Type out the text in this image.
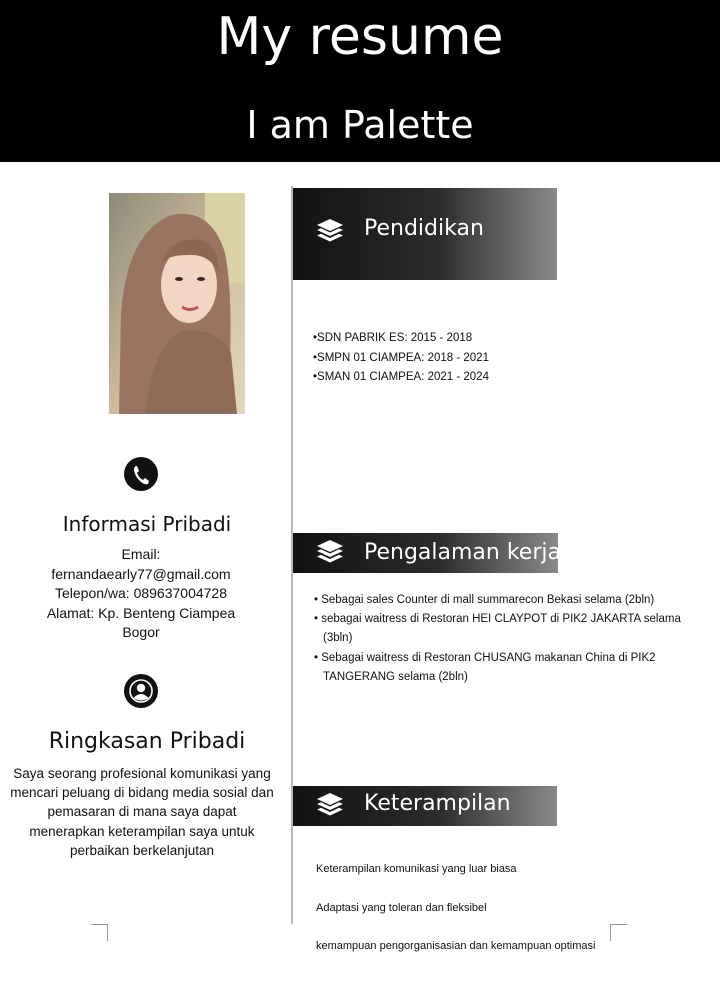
My resume
I am Palette
Informasi Pribadi
Email:
fernandaearly77@gmail.com
Telepon/wa: 089637004728
Alamat: Kp. Benteng Ciampea
Bogor
Ringkasan Pribadi
Saya seorang profesional komunikasi yang mencari peluang di bidang media sosial dan pemasaran di mana saya dapat menerapkan keterampilan saya untuk perbaikan berkelanjutan
Pendidikan
•SDN PABRIK ES: 2015 - 2018
•SMPN 01 CIAMPEA: 2018 - 2021
•SMAN 01 CIAMPEA: 2021 - 2024
Pengalaman kerja
• Sebagai sales Counter di mall summarecon Bekasi selama (2bln)
• sebagai waitress di Restoran HEI CLAYPOT di PIK2 JAKARTA selama (3bln)
• Sebagai waitress di Restoran CHUSANG makanan China di PIK2 TANGERANG selama (2bln)
Keterampilan
Keterampilan komunikasi yang luar biasa
Adaptasi yang toleran dan fleksibel
kemampuan pengorganisasian dan kemampuan optimasi
